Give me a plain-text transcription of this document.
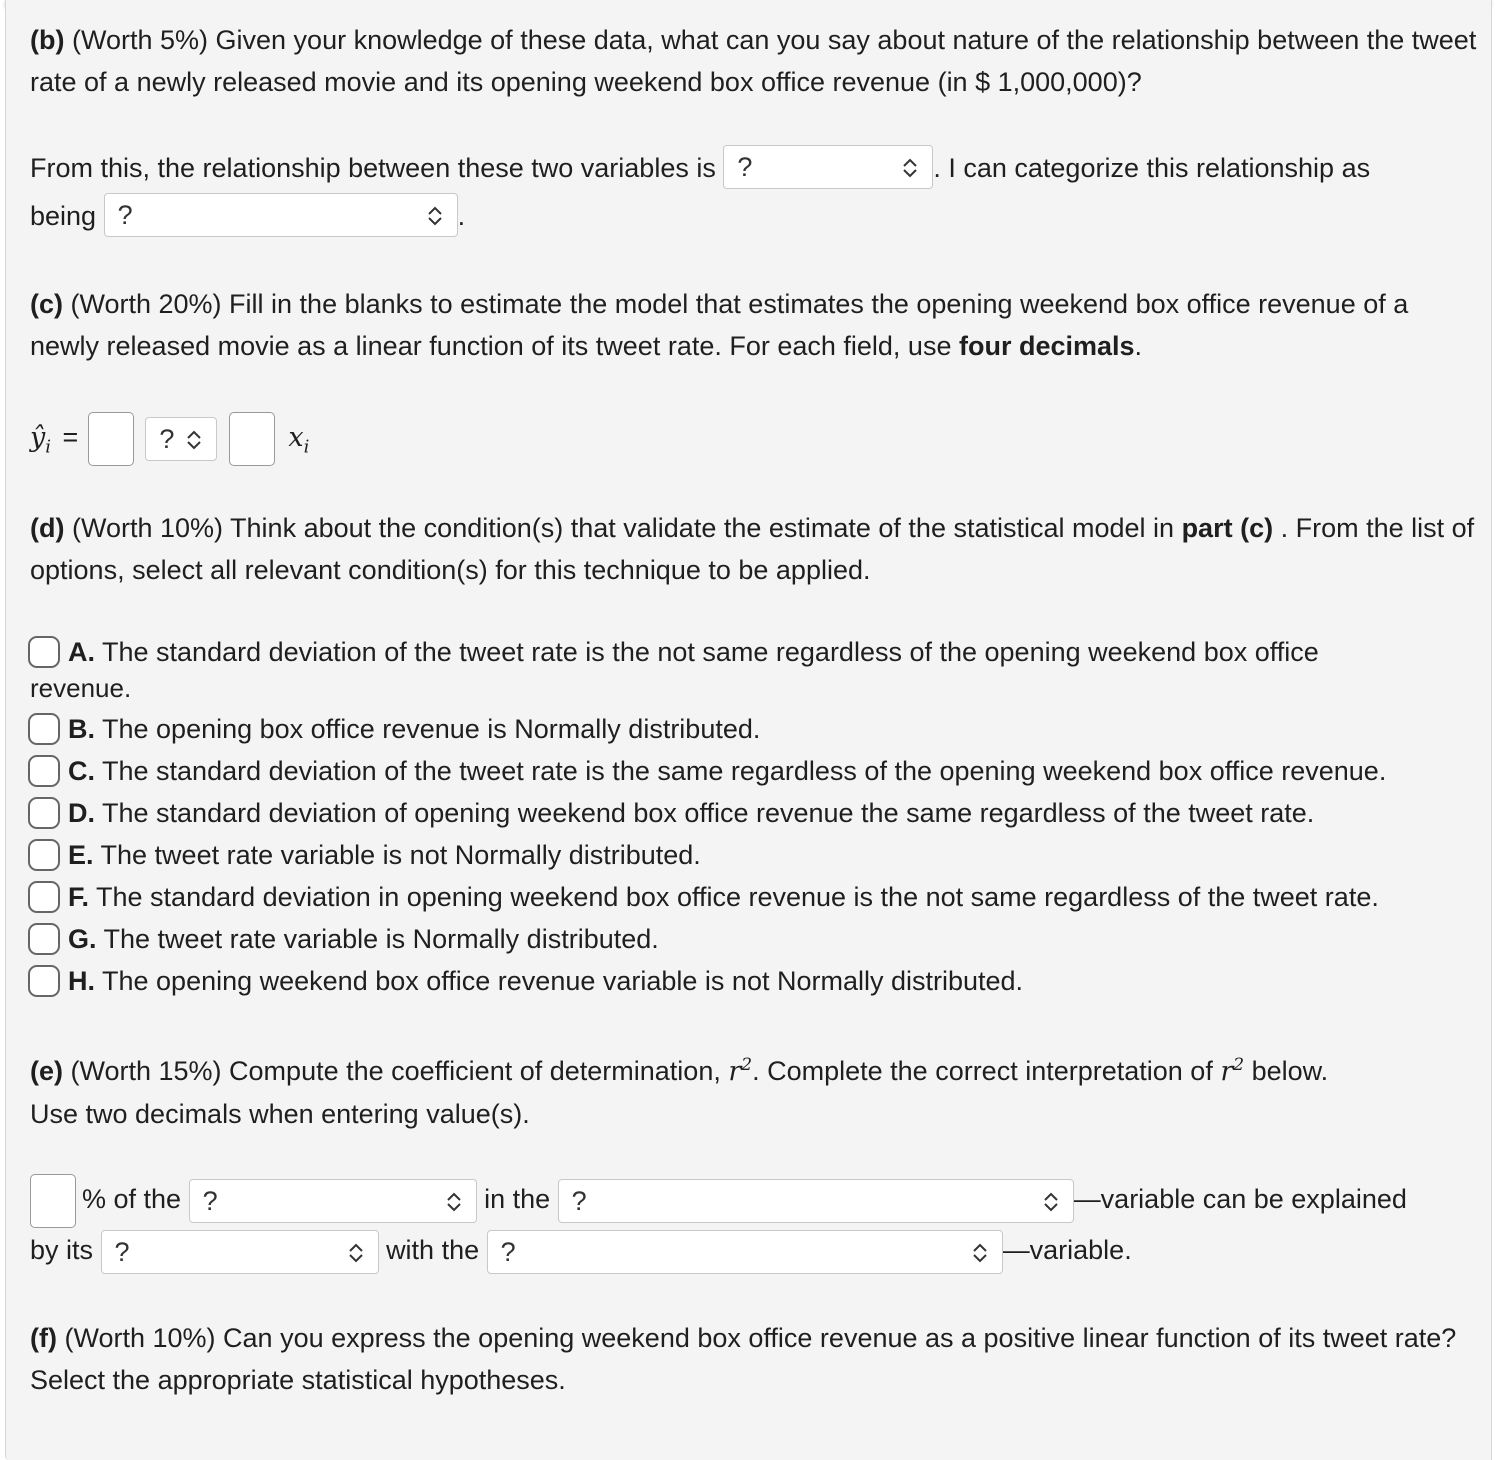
(b) (Worth 5%) Given your knowledge of these data, what can you say about nature of the relationship between the tweet rate of a newly released movie and its opening weekend box office revenue (in $ 1,000,000)?

From this, the relationship between these two variables is ?	. I can categorize this relationship as
being ?	.

(c) (Worth 20%) Fill in the blanks to estimate the model that estimates the opening weekend box office revenue of a newly released movie as a linear function of its tweet rate. For each field, use four decimals.

$ŷ_i$ =	?	$x_i$

(d) (Worth 10%) Think about the condition(s) that validate the estimate of the statistical model in part (c) . From the list of options, select all relevant condition(s) for this technique to be applied.

A. The standard deviation of the tweet rate is the not same regardless of the opening weekend box office
revenue.
B. The opening box office revenue is Normally distributed.
C. The standard deviation of the tweet rate is the same regardless of the opening weekend box office revenue.
D. The standard deviation of opening weekend box office revenue the same regardless of the tweet rate.
E. The tweet rate variable is not Normally distributed.
F. The standard deviation in opening weekend box office revenue is the not same regardless of the tweet rate.
G. The tweet rate variable is Normally distributed.
H. The opening weekend box office revenue variable is not Normally distributed.

(e) (Worth 15%) Compute the coefficient of determination, $r^2$. Complete the correct interpretation of $r^2$ below.
Use two decimals when entering value(s).

% of the ?	in the ?	—variable can be explained
by its ?	with the ?	—variable.

(f) (Worth 10%) Can you express the opening weekend box office revenue as a positive linear function of its tweet rate? Select the appropriate statistical hypotheses.
